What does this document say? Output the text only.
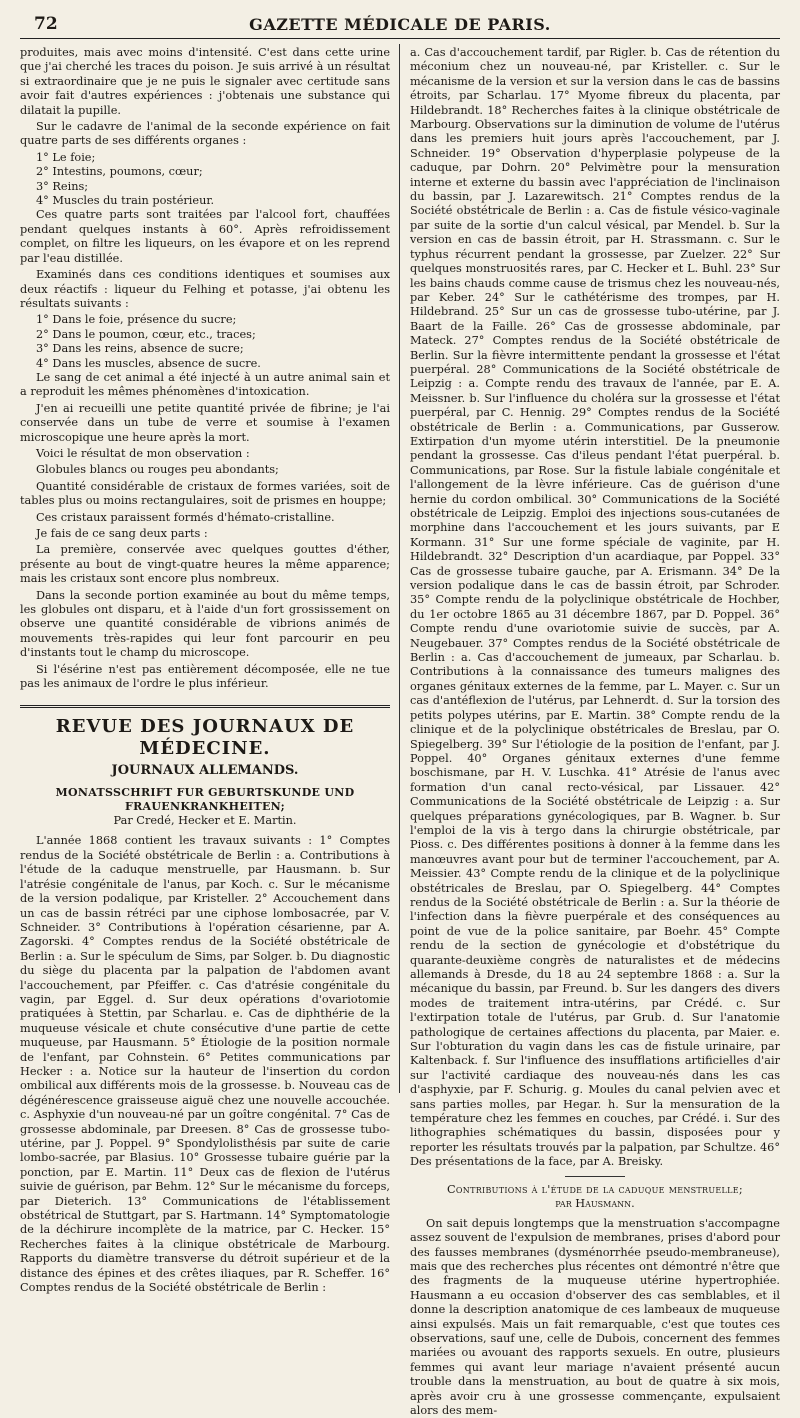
72	GAZETTE MÉDICALE DE PARIS.

produites, mais avec moins d'intensité. C'est dans cette urine que j'ai cherché les traces du poison. Je suis arrivé à un résultat si extraordinaire que je ne puis le signaler avec certitude sans avoir fait d'autres expériences : j'obtenais une substance qui dilatait la pupille.

Sur le cadavre de l'animal de la seconde expérience on fait quatre parts de ses différents organes :

1° Le foie;

2° Intestins, poumons, cœur;

3° Reins;

4° Muscles du train postérieur.

Ces quatre parts sont traitées par l'alcool fort, chauffées pendant quelques instants à 60°. Après refroidissement complet, on filtre les liqueurs, on les évapore et on les reprend par l'eau distillée.

Examinés dans ces conditions identiques et soumises aux deux réactifs : liqueur du Felhing et potasse, j'ai obtenu les résultats suivants :

1° Dans le foie, présence du sucre;

2° Dans le poumon, cœur, etc., traces;

3° Dans les reins, absence de sucre;

4° Dans les muscles, absence de sucre.

Le sang de cet animal a été injecté à un autre animal sain et a reproduit les mêmes phénomènes d'intoxication.

J'en ai recueilli une petite quantité privée de fibrine; je l'ai conservée dans un tube de verre et soumise à l'examen microscopique une heure après la mort.

Voici le résultat de mon observation :

Globules blancs ou rouges peu abondants;

Quantité considérable de cristaux de formes variées, soit de tables plus ou moins rectangulaires, soit de prismes en houppe;

Ces cristaux paraissent formés d'hémato-cristalline.

Je fais de ce sang deux parts :

La première, conservée avec quelques gouttes d'éther, présente au bout de vingt-quatre heures la même apparence; mais les cristaux sont encore plus nombreux.

Dans la seconde portion examinée au bout du même temps, les globules ont disparu, et à l'aide d'un fort grossissement on observe une quantité considérable de vibrions animés de mouvements très-rapides qui leur font parcourir en peu d'instants tout le champ du microscope.

Si l'ésérine n'est pas entièrement décomposée, elle ne tue pas les animaux de l'ordre le plus inférieur.

REVUE DES JOURNAUX DE MÉDECINE.
JOURNAUX ALLEMANDS.
MONATSSCHRIFT FUR GEBURTSKUNDE UND FRAUENKRANKHEITEN;
Par Credé, Hecker et E. Martin.

L'année 1868 contient les travaux suivants : 1° Comptes rendus de la Société obstétricale de Berlin : a. Contributions à l'étude de la caduque menstruelle, par Hausmann. b. Sur l'atrésie congénitale de l'anus, par Koch. c. Sur le mécanisme de la version podalique, par Kristeller. 2° Accouchement dans un cas de bassin rétréci par une ciphose lombosacrée, par V. Schneider. 3° Contributions à l'opération césarienne, par A. Zagorski. 4° Comptes rendus de la Société obstétricale de Berlin : a. Sur le spéculum de Sims, par Solger. b. Du diagnostic du siège du placenta par la palpation de l'abdomen avant l'accouchement, par Pfeiffer. c. Cas d'atrésie congénitale du vagin, par Eggel. d. Sur deux opérations d'ovariotomie pratiquées à Stettin, par Scharlau. e. Cas de diphthérie de la muqueuse vésicale et chute consécutive d'une partie de cette muqueuse, par Hausmann. 5° Étiologie de la position normale de l'enfant, par Cohnstein. 6° Petites communications par Hecker : a. Notice sur la hauteur de l'insertion du cordon ombilical aux différents mois de la grossesse. b. Nouveau cas de dégénérescence graisseuse aiguë chez une nouvelle accouchée. c. Asphyxie d'un nouveau-né par un goître congénital. 7° Cas de grossesse abdominale, par Dreesen. 8° Cas de grossesse tubo-utérine, par J. Poppel. 9° Spondylolisthésis par suite de carie lombo-sacrée, par Blasius. 10° Grossesse tubaire guérie par la ponction, par E. Martin. 11° Deux cas de flexion de l'utérus suivie de guérison, par Behm. 12° Sur le mécanisme du forceps, par Dieterich. 13° Communications de l'établissement obstétrical de Stuttgart, par S. Hartmann. 14° Symptomatologie de la déchirure incomplète de la matrice, par C. Hecker. 15° Recherches faites à la clinique obstétricale de Marbourg. Rapports du diamètre transverse du détroit supérieur et de la distance des épines et des crêtes iliaques, par R. Scheffer. 16° Comptes rendus de la Société obstétricale de Berlin :

a. Cas d'accouchement tardif, par Rigler. b. Cas de rétention du méconium chez un nouveau-né, par Kristeller. c. Sur le mécanisme de la version et sur la version dans le cas de bassins étroits, par Scharlau. 17° Myome fibreux du placenta, par Hildebrandt. 18° Recherches faites à la clinique obstétricale de Marbourg. Observations sur la diminution de volume de l'utérus dans les premiers huit jours après l'accouchement, par J. Schneider. 19° Observation d'hyperplasie polypeuse de la caduque, par Dohrn. 20° Pelvimètre pour la mensuration interne et externe du bassin avec l'appréciation de l'inclinaison du bassin, par J. Lazarewitsch. 21° Comptes rendus de la Société obstétricale de Berlin : a. Cas de fistule vésico-vaginale par suite de la sortie d'un calcul vésical, par Mendel. b. Sur la version en cas de bassin étroit, par H. Strassmann. c. Sur le typhus récurrent pendant la grossesse, par Zuelzer. 22° Sur quelques monstruosités rares, par C. Hecker et L. Buhl. 23° Sur les bains chauds comme cause de trismus chez les nouveau-nés, par Keber. 24° Sur le cathétérisme des trompes, par H. Hildebrand. 25° Sur un cas de grossesse tubo-utérine, par J. Baart de la Faille. 26° Cas de grossesse abdominale, par Mateck. 27° Comptes rendus de la Société obstétricale de Berlin. Sur la fièvre intermittente pendant la grossesse et l'état puerpéral. 28° Communications de la Société obstétricale de Leipzig : a. Compte rendu des travaux de l'année, par E. A. Meissner. b. Sur l'influence du choléra sur la grossesse et l'état puerpéral, par C. Hennig. 29° Comptes rendus de la Société obstétricale de Berlin : a. Communications, par Gusserow. Extirpation d'un myome utérin interstitiel. De la pneumonie pendant la grossesse. Cas d'ileus pendant l'état puerpéral. b. Communications, par Rose. Sur la fistule labiale congénitale et l'allongement de la lèvre inférieure. Cas de guérison d'une hernie du cordon ombilical. 30° Communications de la Société obstétricale de Leipzig. Emploi des injections sous-cutanées de morphine dans l'accouchement et les jours suivants, par E Kormann. 31° Sur une forme spéciale de vaginite, par H. Hildebrandt. 32° Description d'un acardiaque, par Poppel. 33° Cas de grossesse tubaire gauche, par A. Erismann. 34° De la version podalique dans le cas de bassin étroit, par Schroder. 35° Compte rendu de la polyclinique obstétricale de Hochber, du 1er octobre 1865 au 31 décembre 1867, par D. Poppel. 36° Compte rendu d'une ovariotomie suivie de succès, par A. Neugebauer. 37° Comptes rendus de la Société obstétricale de Berlin : a. Cas d'accouchement de jumeaux, par Scharlau. b. Contributions à la connaissance des tumeurs malignes des organes génitaux externes de la femme, par L. Mayer. c. Sur un cas d'antéflexion de l'utérus, par Lehnerdt. d. Sur la torsion des petits polypes utérins, par E. Martin. 38° Compte rendu de la clinique et de la polyclinique obstétricales de Breslau, par O. Spiegelberg. 39° Sur l'étiologie de la position de l'enfant, par J. Poppel. 40° Organes génitaux externes d'une femme boschismane, par H. V. Luschka. 41° Atrésie de l'anus avec formation d'un canal recto-vésical, par Lissauer. 42° Communications de la Société obstétricale de Leipzig : a. Sur quelques préparations gynécologiques, par B. Wagner. b. Sur l'emploi de la vis à tergo dans la chirurgie obstétricale, par Pioss. c. Des différentes positions à donner à la femme dans les manœuvres avant pour but de terminer l'accouchement, par A. Meissier. 43° Compte rendu de la clinique et de la polyclinique obstétricales de Breslau, par O. Spiegelberg. 44° Comptes rendus de la Société obstétricale de Berlin : a. Sur la théorie de l'infection dans la fièvre puerpérale et des conséquences au point de vue de la police sanitaire, par Boehr. 45° Compte rendu de la section de gynécologie et d'obstétrique du quarante-deuxième congrès de naturalistes et de médecins allemands à Dresde, du 18 au 24 septembre 1868 : a. Sur la mécanique du bassin, par Freund. b. Sur les dangers des divers modes de traitement intra-utérins, par Crédé. c. Sur l'extirpation totale de l'utérus, par Grub. d. Sur l'anatomie pathologique de certaines affections du placenta, par Maier. e. Sur l'obturation du vagin dans les cas de fistule urinaire, par Kaltenback. f. Sur l'influence des insufflations artificielles d'air sur l'activité cardiaque des nouveau-nés dans les cas d'asphyxie, par F. Schurig. g. Moules du canal pelvien avec et sans parties molles, par Hegar. h. Sur la mensuration de la température chez les femmes en couches, par Crédé. i. Sur des lithographies schématiques du bassin, disposées pour y reporter les résultats trouvés par la palpation, par Schultze. 46° Des présentations de la face, par A. Breisky.

Contributions à l'étude de la caduque menstruelle;
par Hausmann.

On sait depuis longtemps que la menstruation s'accompagne assez souvent de l'expulsion de membranes, prises d'abord pour des fausses membranes (dysménorrhée pseudo-membraneuse), mais que des recherches plus récentes ont démontré n'être que des fragments de la muqueuse utérine hypertrophiée. Hausmann a eu occasion d'observer des cas semblables, et il donne la description anatomique de ces lambeaux de muqueuse ainsi expulsés. Mais un fait remarquable, c'est que toutes ces observations, sauf une, celle de Dubois, concernent des femmes mariées ou avouant des rapports sexuels. En outre, plusieurs femmes qui avant leur mariage n'avaient présenté aucun trouble dans la menstruation, au bout de quatre à six mois, après avoir cru à une grossesse commençante, expulsaient alors des mem-
